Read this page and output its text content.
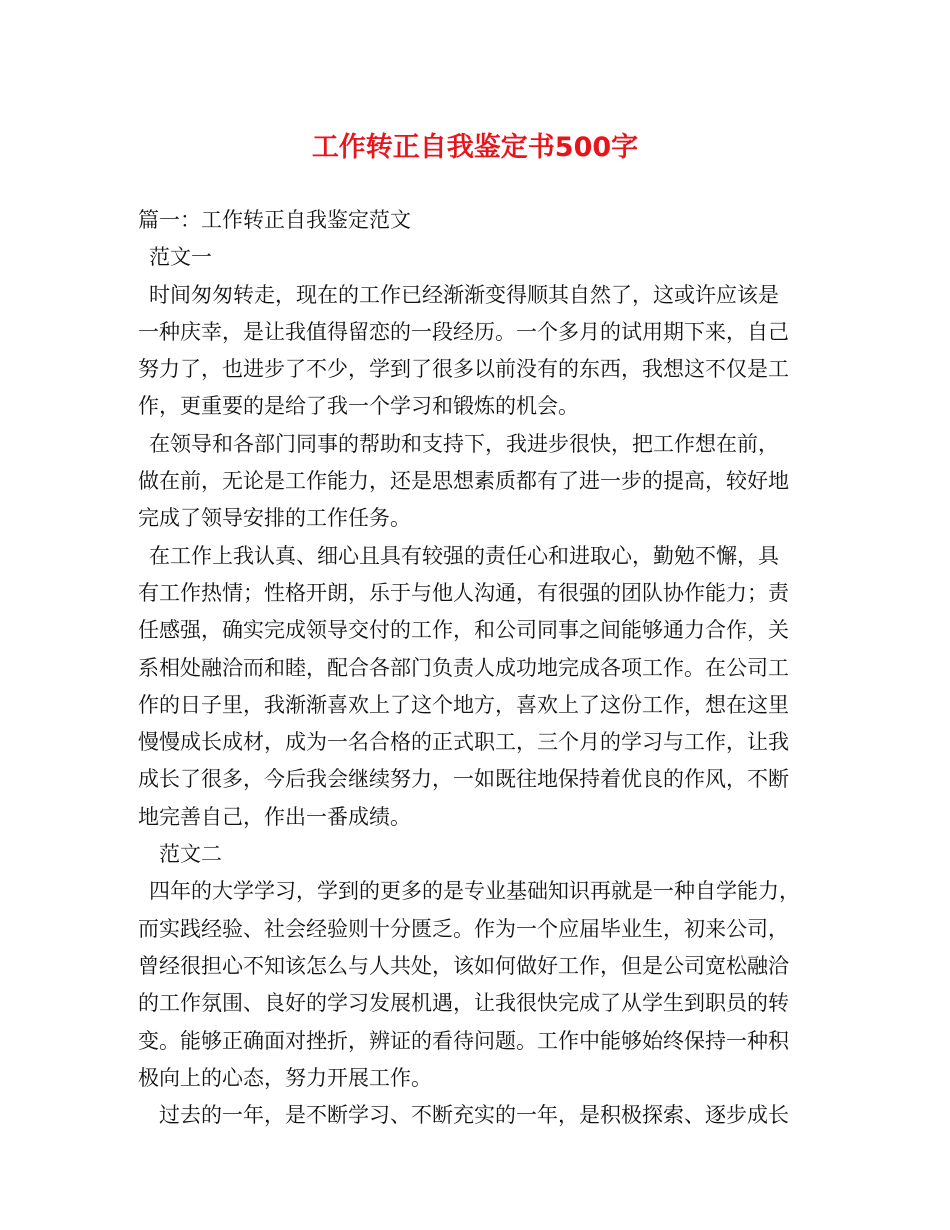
工作转正自我鉴定书500字
篇一：工作转正自我鉴定范文
范文一
时间匆匆转走，现在的工作已经渐渐变得顺其自然了，这或许应该是
一种庆幸，是让我值得留恋的一段经历。一个多月的试用期下来，自己
努力了，也进步了不少，学到了很多以前没有的东西，我想这不仅是工
作，更重要的是给了我一个学习和锻炼的机会。
在领导和各部门同事的帮助和支持下，我进步很快，把工作想在前，
做在前，无论是工作能力，还是思想素质都有了进一步的提高，较好地
完成了领导安排的工作任务。
在工作上我认真、细心且具有较强的责任心和进取心，勤勉不懈，具
有工作热情；性格开朗，乐于与他人沟通，有很强的团队协作能力；责
任感强，确实完成领导交付的工作，和公司同事之间能够通力合作，关
系相处融洽而和睦，配合各部门负责人成功地完成各项工作。在公司工
作的日子里，我渐渐喜欢上了这个地方，喜欢上了这份工作，想在这里
慢慢成长成材，成为一名合格的正式职工，三个月的学习与工作，让我
成长了很多，今后我会继续努力，一如既往地保持着优良的作风，不断
地完善自己，作出一番成绩。
范文二
四年的大学学习，学到的更多的是专业基础知识再就是一种自学能力，
而实践经验、社会经验则十分匮乏。作为一个应届毕业生，初来公司，
曾经很担心不知该怎么与人共处，该如何做好工作，但是公司宽松融洽
的工作氛围、良好的学习发展机遇，让我很快完成了从学生到职员的转
变。能够正确面对挫折，辨证的看待问题。工作中能够始终保持一种积
极向上的心态，努力开展工作。
过去的一年，是不断学习、不断充实的一年，是积极探索、逐步成长
